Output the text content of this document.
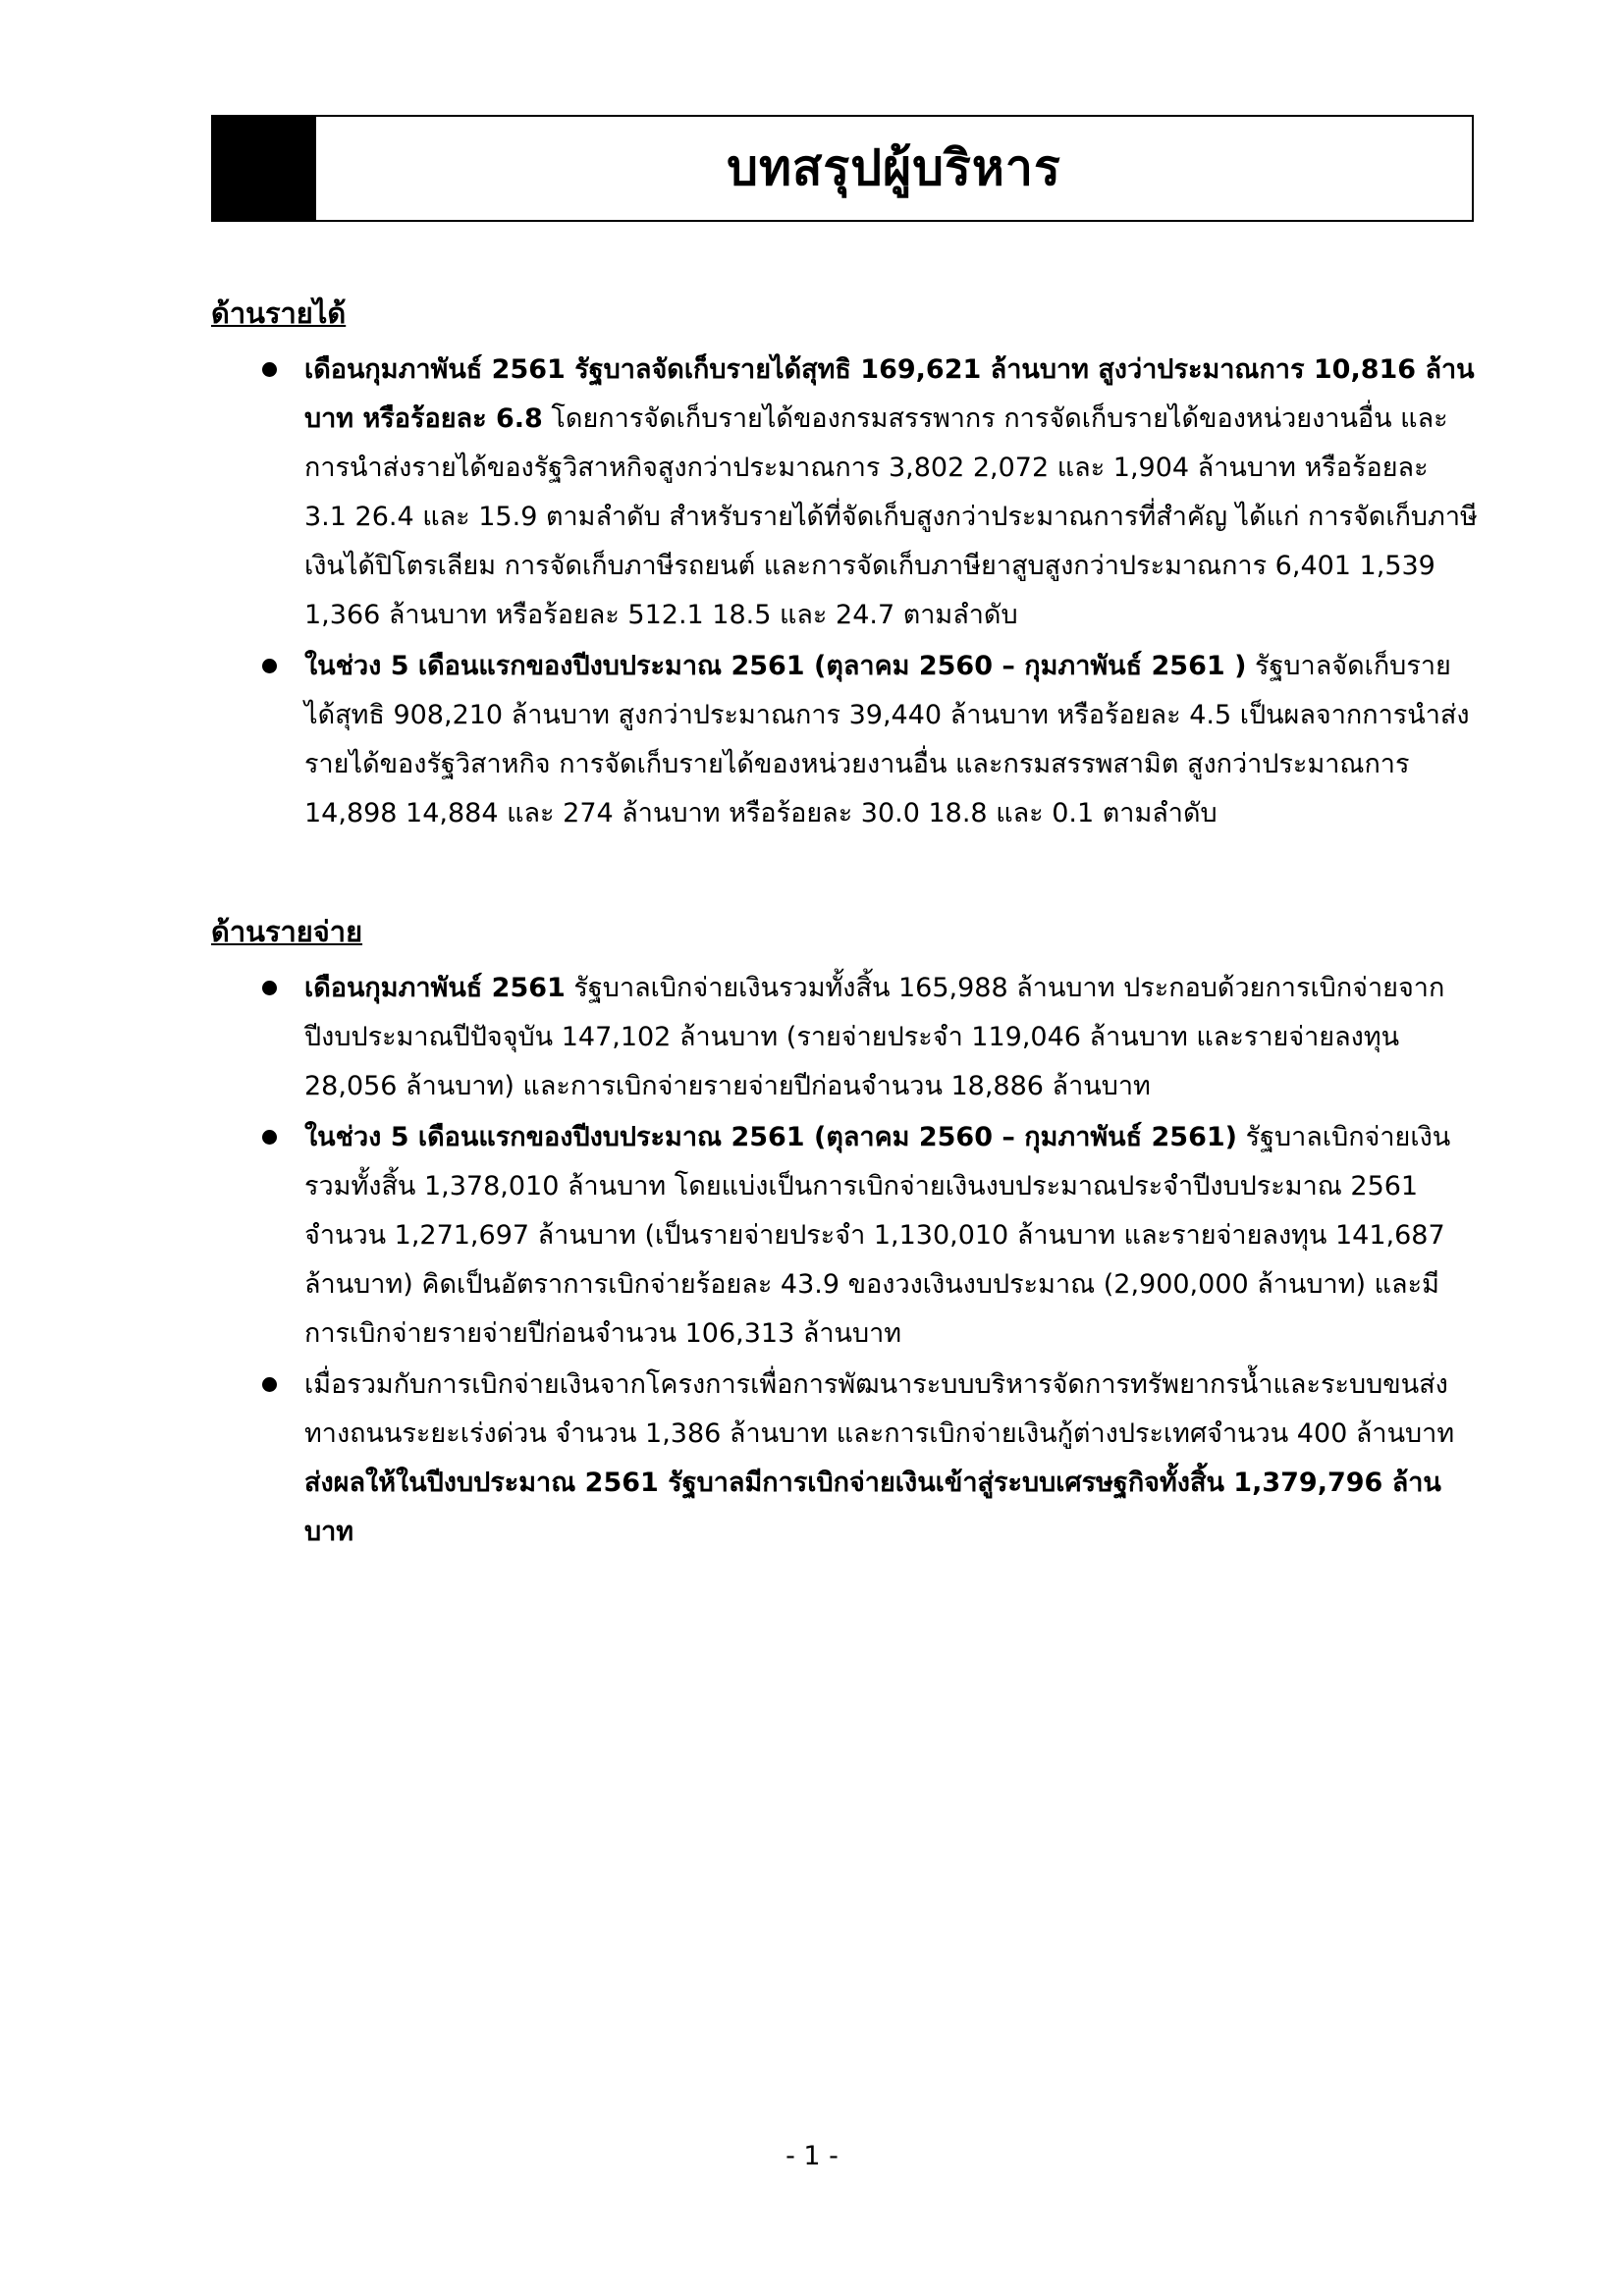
บทสรุปผู้บริหาร
ด้านรายได้
เดือนกุมภาพันธ์ 2561 รัฐบาลจัดเก็บรายได้สุทธิ 169,621 ล้านบาท สูงว่าประมาณการ 10,816 ล้านบาท หรือร้อยละ 6.8 โดยการจัดเก็บรายได้ของกรมสรรพากร การจัดเก็บรายได้ของหน่วยงานอื่น และการนำส่งรายได้ของรัฐวิสาหกิจสูงกว่าประมาณการ 3,802 2,072 และ 1,904 ล้านบาท หรือร้อยละ 3.1 26.4 และ 15.9 ตามลำดับ สำหรับรายได้ที่จัดเก็บสูงกว่าประมาณการที่สำคัญ ได้แก่ การจัดเก็บภาษีเงินได้ปิโตรเลียม การจัดเก็บภาษีรถยนต์ และการจัดเก็บภาษียาสูบสูงกว่าประมาณการ 6,401 1,539 1,366 ล้านบาท หรือร้อยละ 512.1 18.5 และ 24.7 ตามลำดับ
ในช่วง 5 เดือนแรกของปีงบประมาณ 2561 (ตุลาคม 2560 – กุมภาพันธ์ 2561 ) รัฐบาลจัดเก็บรายได้สุทธิ 908,210 ล้านบาท สูงกว่าประมาณการ 39,440 ล้านบาท หรือร้อยละ 4.5 เป็นผลจากการนำส่งรายได้ของรัฐวิสาหกิจ การจัดเก็บรายได้ของหน่วยงานอื่น และกรมสรรพสามิต สูงกว่าประมาณการ 14,898 14,884 และ 274 ล้านบาท หรือร้อยละ 30.0 18.8 และ 0.1 ตามลำดับ
ด้านรายจ่าย
เดือนกุมภาพันธ์ 2561 รัฐบาลเบิกจ่ายเงินรวมทั้งสิ้น 165,988 ล้านบาท ประกอบด้วยการเบิกจ่ายจากปีงบประมาณปีปัจจุบัน 147,102 ล้านบาท (รายจ่ายประจำ 119,046 ล้านบาท และรายจ่ายลงทุน 28,056 ล้านบาท) และการเบิกจ่ายรายจ่ายปีก่อนจำนวน 18,886 ล้านบาท
ในช่วง 5 เดือนแรกของปีงบประมาณ 2561 (ตุลาคม 2560 – กุมภาพันธ์ 2561) รัฐบาลเบิกจ่ายเงินรวมทั้งสิ้น 1,378,010 ล้านบาท โดยแบ่งเป็นการเบิกจ่ายเงินงบประมาณประจำปีงบประมาณ 2561 จำนวน 1,271,697 ล้านบาท (เป็นรายจ่ายประจำ 1,130,010 ล้านบาท และรายจ่ายลงทุน 141,687 ล้านบาท) คิดเป็นอัตราการเบิกจ่ายร้อยละ 43.9 ของวงเงินงบประมาณ (2,900,000 ล้านบาท) และมีการเบิกจ่ายรายจ่ายปีก่อนจำนวน 106,313 ล้านบาท
เมื่อรวมกับการเบิกจ่ายเงินจากโครงการเพื่อการพัฒนาระบบบริหารจัดการทรัพยากรน้ำและระบบขนส่งทางถนนระยะเร่งด่วน จำนวน 1,386 ล้านบาท และการเบิกจ่ายเงินกู้ต่างประเทศจำนวน 400 ล้านบาท ส่งผลให้ในปีงบประมาณ 2561 รัฐบาลมีการเบิกจ่ายเงินเข้าสู่ระบบเศรษฐกิจทั้งสิ้น 1,379,796 ล้านบาท
- 1 -
